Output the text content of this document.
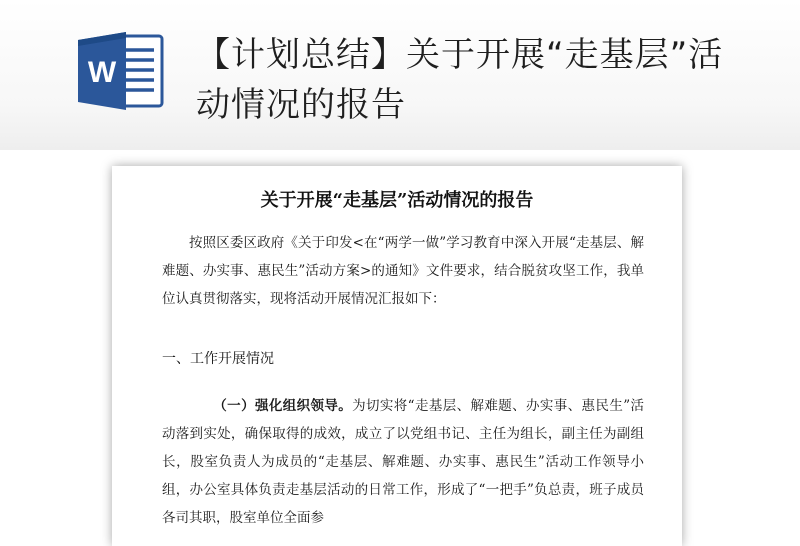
W 【计划总结】关于开展“走基层”活动情况的报告
关于开展“走基层”活动情况的报告

按照区委区政府《关于印发<在“两学一做”学习教育中深入开展“走基层、解难题、办实事、惠民生”活动方案>的通知》文件要求，结合脱贫攻坚工作，我单位认真贯彻落实，现将活动开展情况汇报如下：

一、工作开展情况

（一）强化组织领导。为切实将“走基层、解难题、办实事、惠民生”活动落到实处，确保取得的成效，成立了以党组书记、主任为组长，副主任为副组长，股室负责人为成员的“走基层、解难题、办实事、惠民生”活动工作领导小组，办公室具体负责走基层活动的日常工作，形成了“一把手”负总责，班子成员各司其职，股室单位全面参
